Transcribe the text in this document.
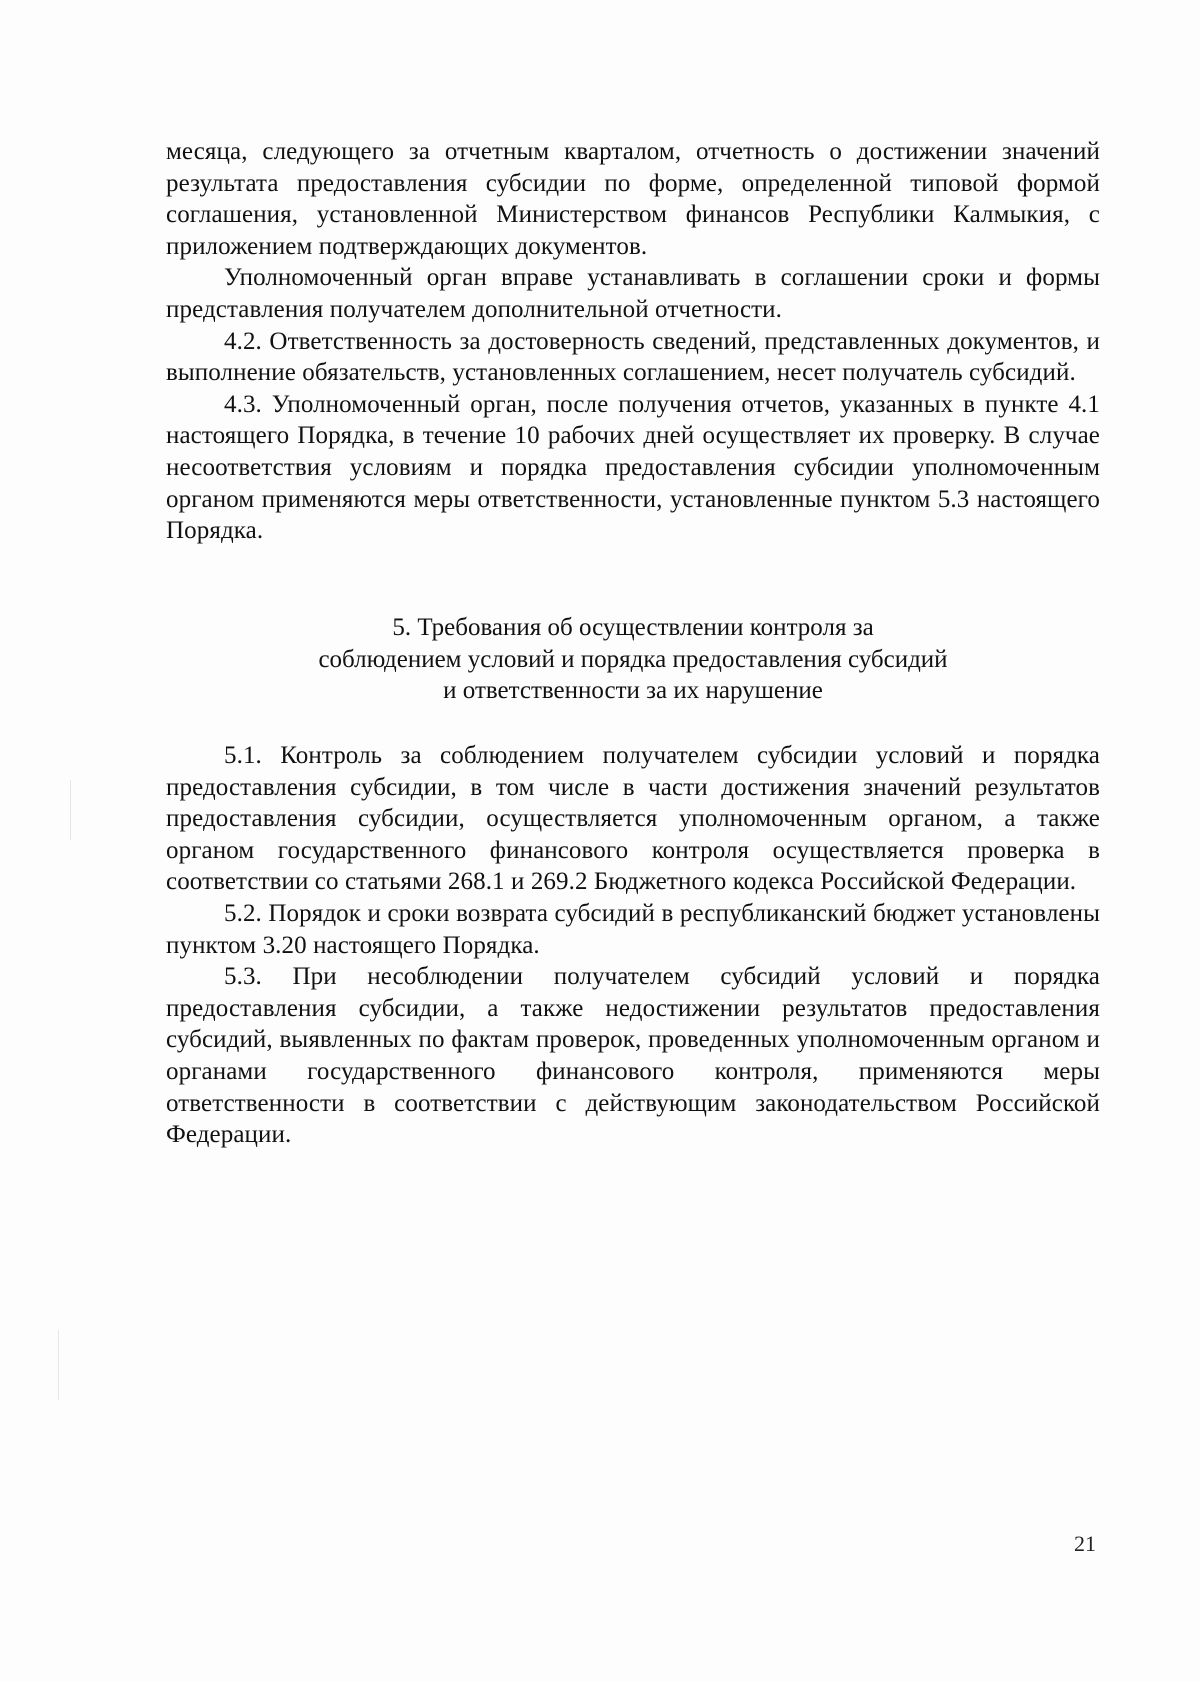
месяца, следующего за отчетным кварталом, отчетность о достижении значений результата предоставления субсидии по форме, определенной типовой формой соглашения, установленной Министерством финансов Республики Калмыкия, с приложением подтверждающих документов.

Уполномоченный орган вправе устанавливать в соглашении сроки и формы представления получателем дополнительной отчетности.

4.2. Ответственность за достоверность сведений, представленных документов, и выполнение обязательств, установленных соглашением, несет получатель субсидий.

4.3. Уполномоченный орган, после получения отчетов, указанных в пункте 4.1 настоящего Порядка, в течение 10 рабочих дней осуществляет их проверку. В случае несоответствия условиям и порядка предоставления субсидии уполномоченным органом применяются меры ответственности, установленные пунктом 5.3 настоящего Порядка.

5. Требования об осуществлении контроля за
соблюдением условий и порядка предоставления субсидий
и ответственности за их нарушение

5.1. Контроль за соблюдением получателем субсидии условий и порядка предоставления субсидии, в том числе в части достижения значений результатов предоставления субсидии, осуществляется уполномоченным органом, а также органом государственного финансового контроля осуществляется проверка в соответствии со статьями 268.1 и 269.2 Бюджетного кодекса Российской Федерации.

5.2. Порядок и сроки возврата субсидий в республиканский бюджет установлены пунктом 3.20 настоящего Порядка.

5.3. При несоблюдении получателем субсидий условий и порядка предоставления субсидии, а также недостижении результатов предоставления субсидий, выявленных по фактам проверок, проведенных уполномоченным органом и органами государственного финансового контроля, применяются меры ответственности в соответствии с действующим законодательством Российской Федерации.

21
